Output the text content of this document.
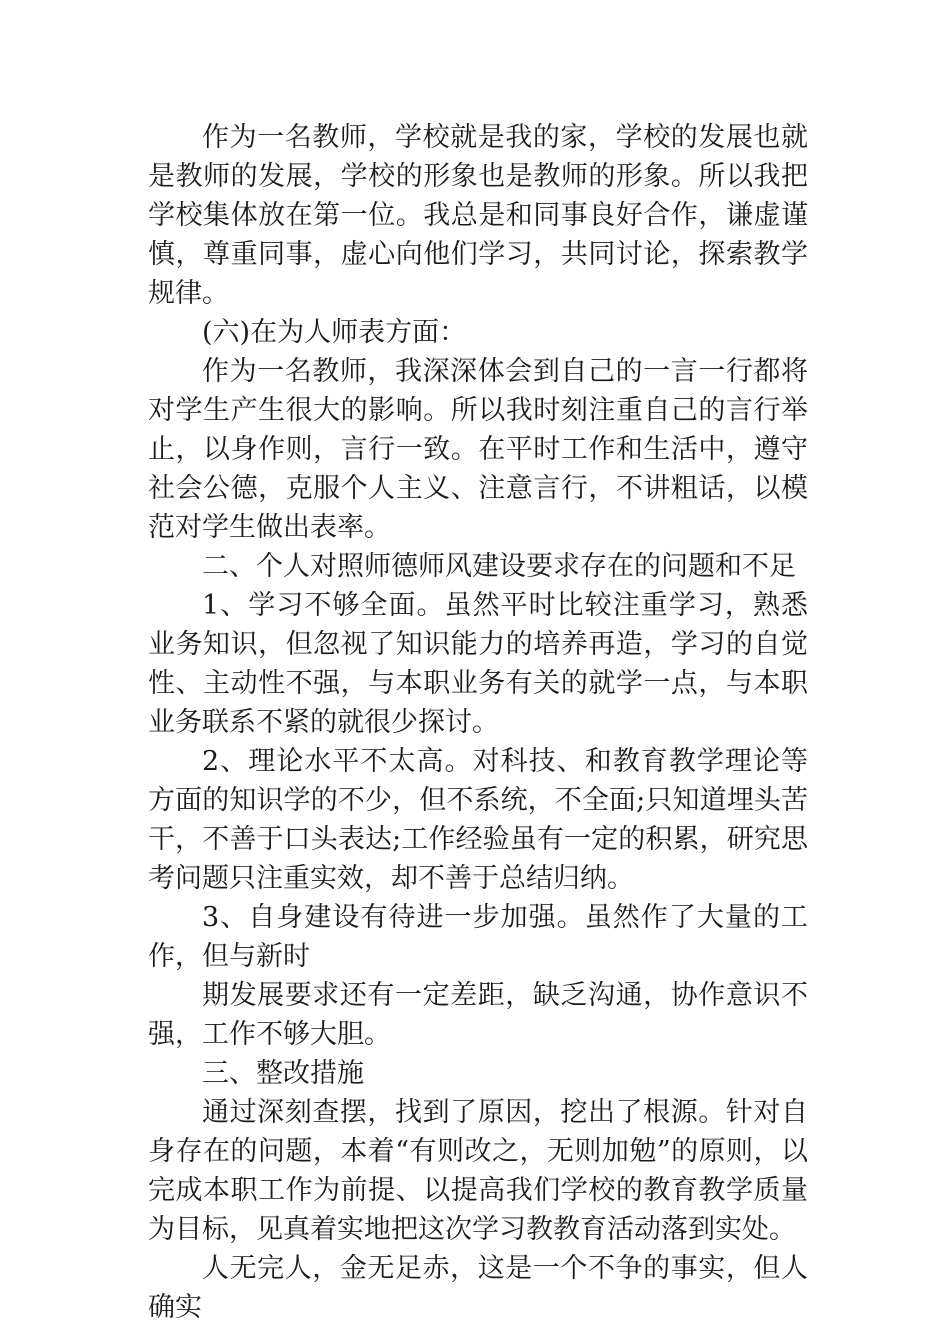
作为一名教师，学校就是我的家，学校的发展也就是教师的发展，学校的形象也是教师的形象。所以我把学校集体放在第一位。我总是和同事良好合作，谦虚谨慎，尊重同事，虚心向他们学习，共同讨论，探索教学规律。

(六)在为人师表方面：

作为一名教师，我深深体会到自己的一言一行都将对学生产生很大的影响。所以我时刻注重自己的言行举止，以身作则，言行一致。在平时工作和生活中，遵守社会公德，克服个人主义、注意言行，不讲粗话，以模范对学生做出表率。

二、个人对照师德师风建设要求存在的问题和不足

1、学习不够全面。虽然平时比较注重学习，熟悉业务知识，但忽视了知识能力的培养再造，学习的自觉性、主动性不强，与本职业务有关的就学一点，与本职业务联系不紧的就很少探讨。

2、理论水平不太高。对科技、和教育教学理论等方面的知识学的不少，但不系统，不全面;只知道埋头苦干，不善于口头表达;工作经验虽有一定的积累，研究思考问题只注重实效，却不善于总结归纳。

3、自身建设有待进一步加强。虽然作了大量的工作，但与新时

期发展要求还有一定差距，缺乏沟通，协作意识不强，工作不够大胆。

三、整改措施

通过深刻查摆，找到了原因，挖出了根源。针对自身存在的问题，本着“有则改之，无则加勉”的原则，以完成本职工作为前提、以提高我们学校的教育教学质量为目标，见真着实地把这次学习教教育活动落到实处。

人无完人，金无足赤，这是一个不争的事实，但人确实
